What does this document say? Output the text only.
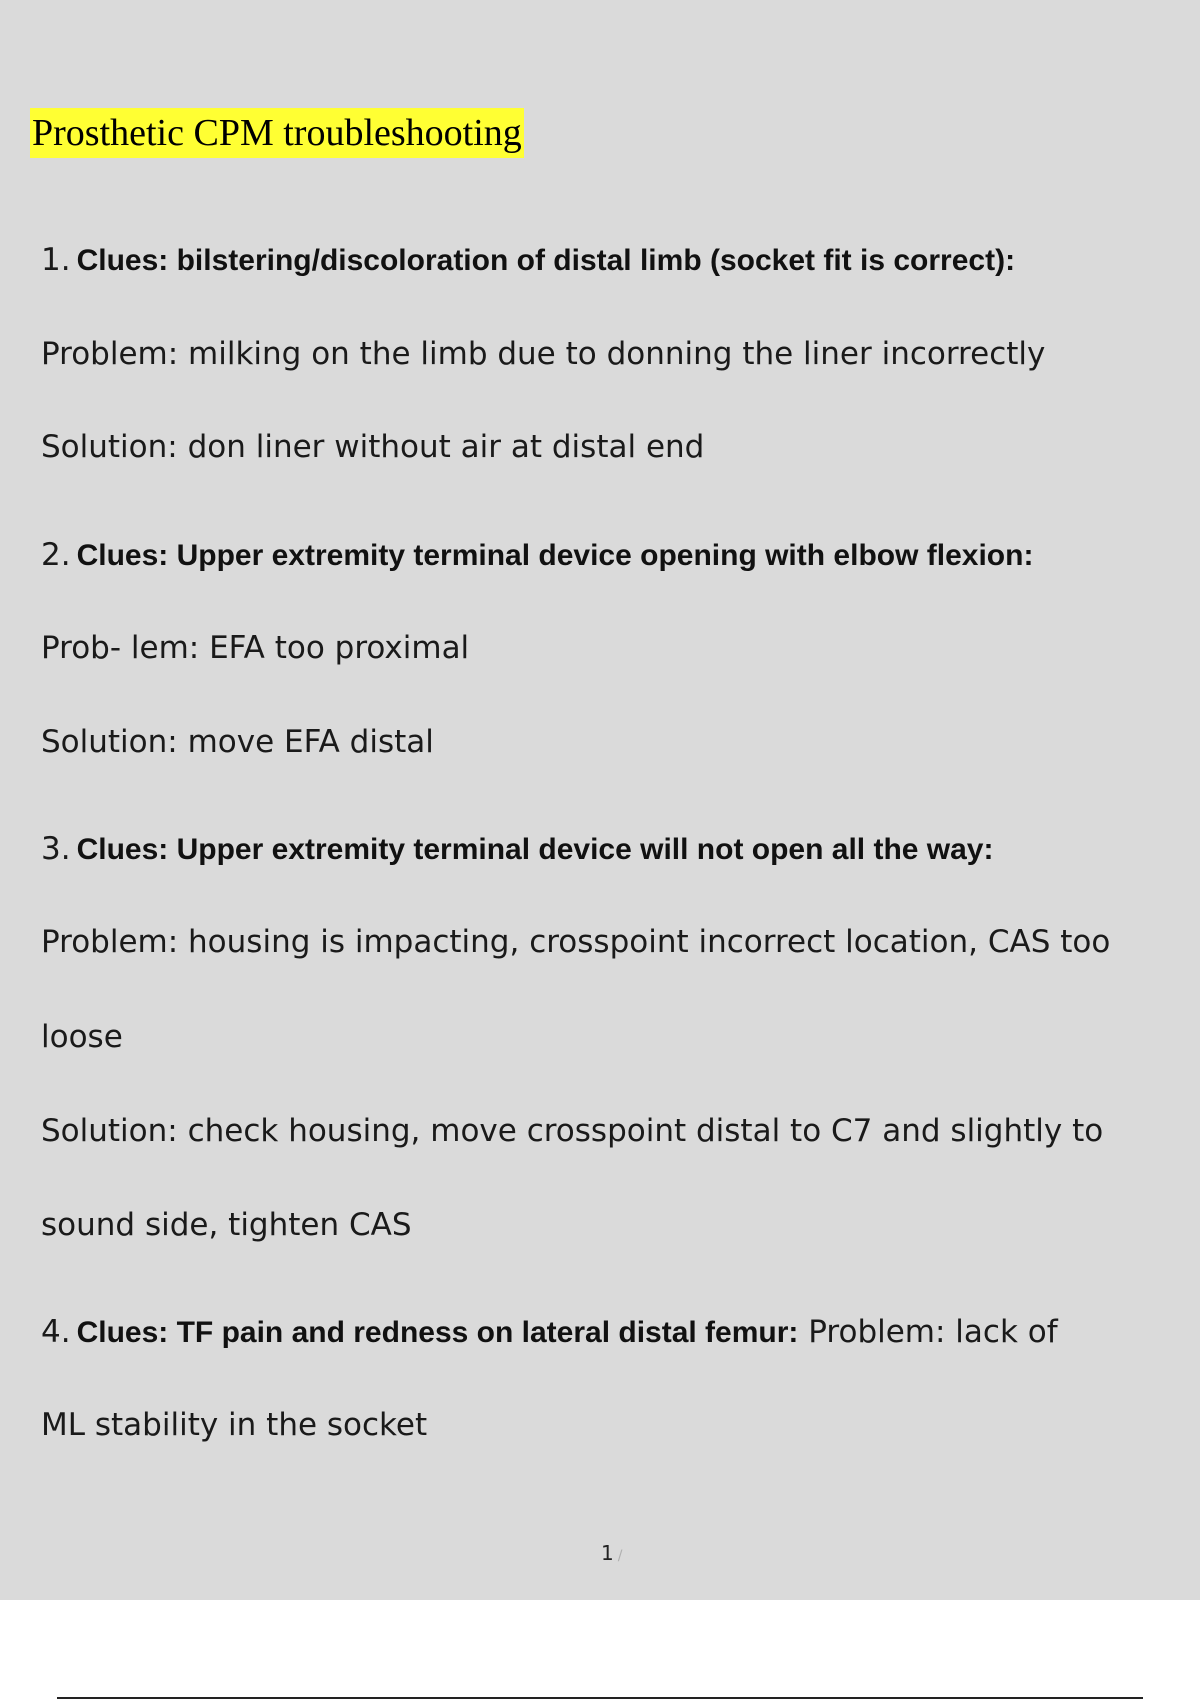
Prosthetic CPM troubleshooting

1. Clues: bilstering/discoloration of distal limb (socket fit is correct):

Problem: milking on the limb due to donning the liner incorrectly

Solution: don liner without air at distal end

2. Clues: Upper extremity terminal device opening with elbow flexion:

Prob- lem: EFA too proximal

Solution: move EFA distal

3. Clues: Upper extremity terminal device will not open all the way:

Problem: housing is impacting, crosspoint incorrect location, CAS too

loose

Solution: check housing, move crosspoint distal to C7 and slightly to

sound side, tighten CAS

4. Clues: TF pain and redness on lateral distal femur: Problem: lack of

ML stability in the socket

1 /
